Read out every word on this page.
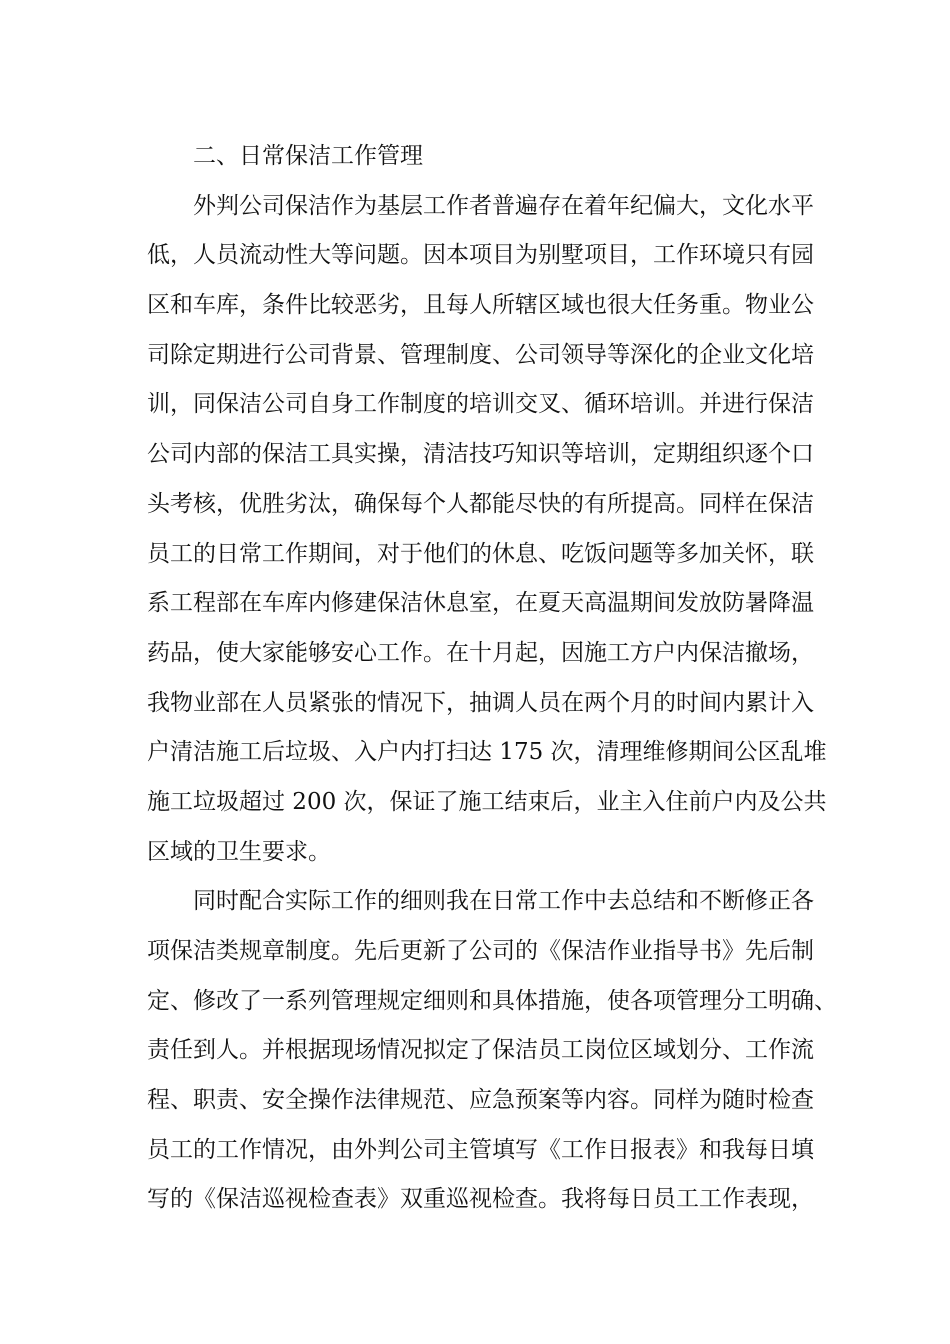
二、日常保洁工作管理
外判公司保洁作为基层工作者普遍存在着年纪偏大，文化水平
低，人员流动性大等问题。因本项目为别墅项目，工作环境只有园
区和车库，条件比较恶劣，且每人所辖区域也很大任务重。物业公
司除定期进行公司背景、管理制度、公司领导等深化的企业文化培
训，同保洁公司自身工作制度的培训交叉、循环培训。并进行保洁
公司内部的保洁工具实操，清洁技巧知识等培训，定期组织逐个口
头考核，优胜劣汰，确保每个人都能尽快的有所提高。同样在保洁
员工的日常工作期间，对于他们的休息、吃饭问题等多加关怀，联
系工程部在车库内修建保洁休息室，在夏天高温期间发放防暑降温
药品，使大家能够安心工作。在十月起，因施工方户内保洁撤场，
我物业部在人员紧张的情况下，抽调人员在两个月的时间内累计入
户清洁施工后垃圾、入户内打扫达 175 次，清理维修期间公区乱堆
施工垃圾超过 200 次，保证了施工结束后，业主入住前户内及公共
区域的卫生要求。
同时配合实际工作的细则我在日常工作中去总结和不断修正各
项保洁类规章制度。先后更新了公司的《保洁作业指导书》先后制
定、修改了一系列管理规定细则和具体措施，使各项管理分工明确、
责任到人。并根据现场情况拟定了保洁员工岗位区域划分、工作流
程、职责、安全操作法律规范、应急预案等内容。同样为随时检查
员工的工作情况，由外判公司主管填写《工作日报表》和我每日填
写的《保洁巡视检查表》双重巡视检查。我将每日员工工作表现，
